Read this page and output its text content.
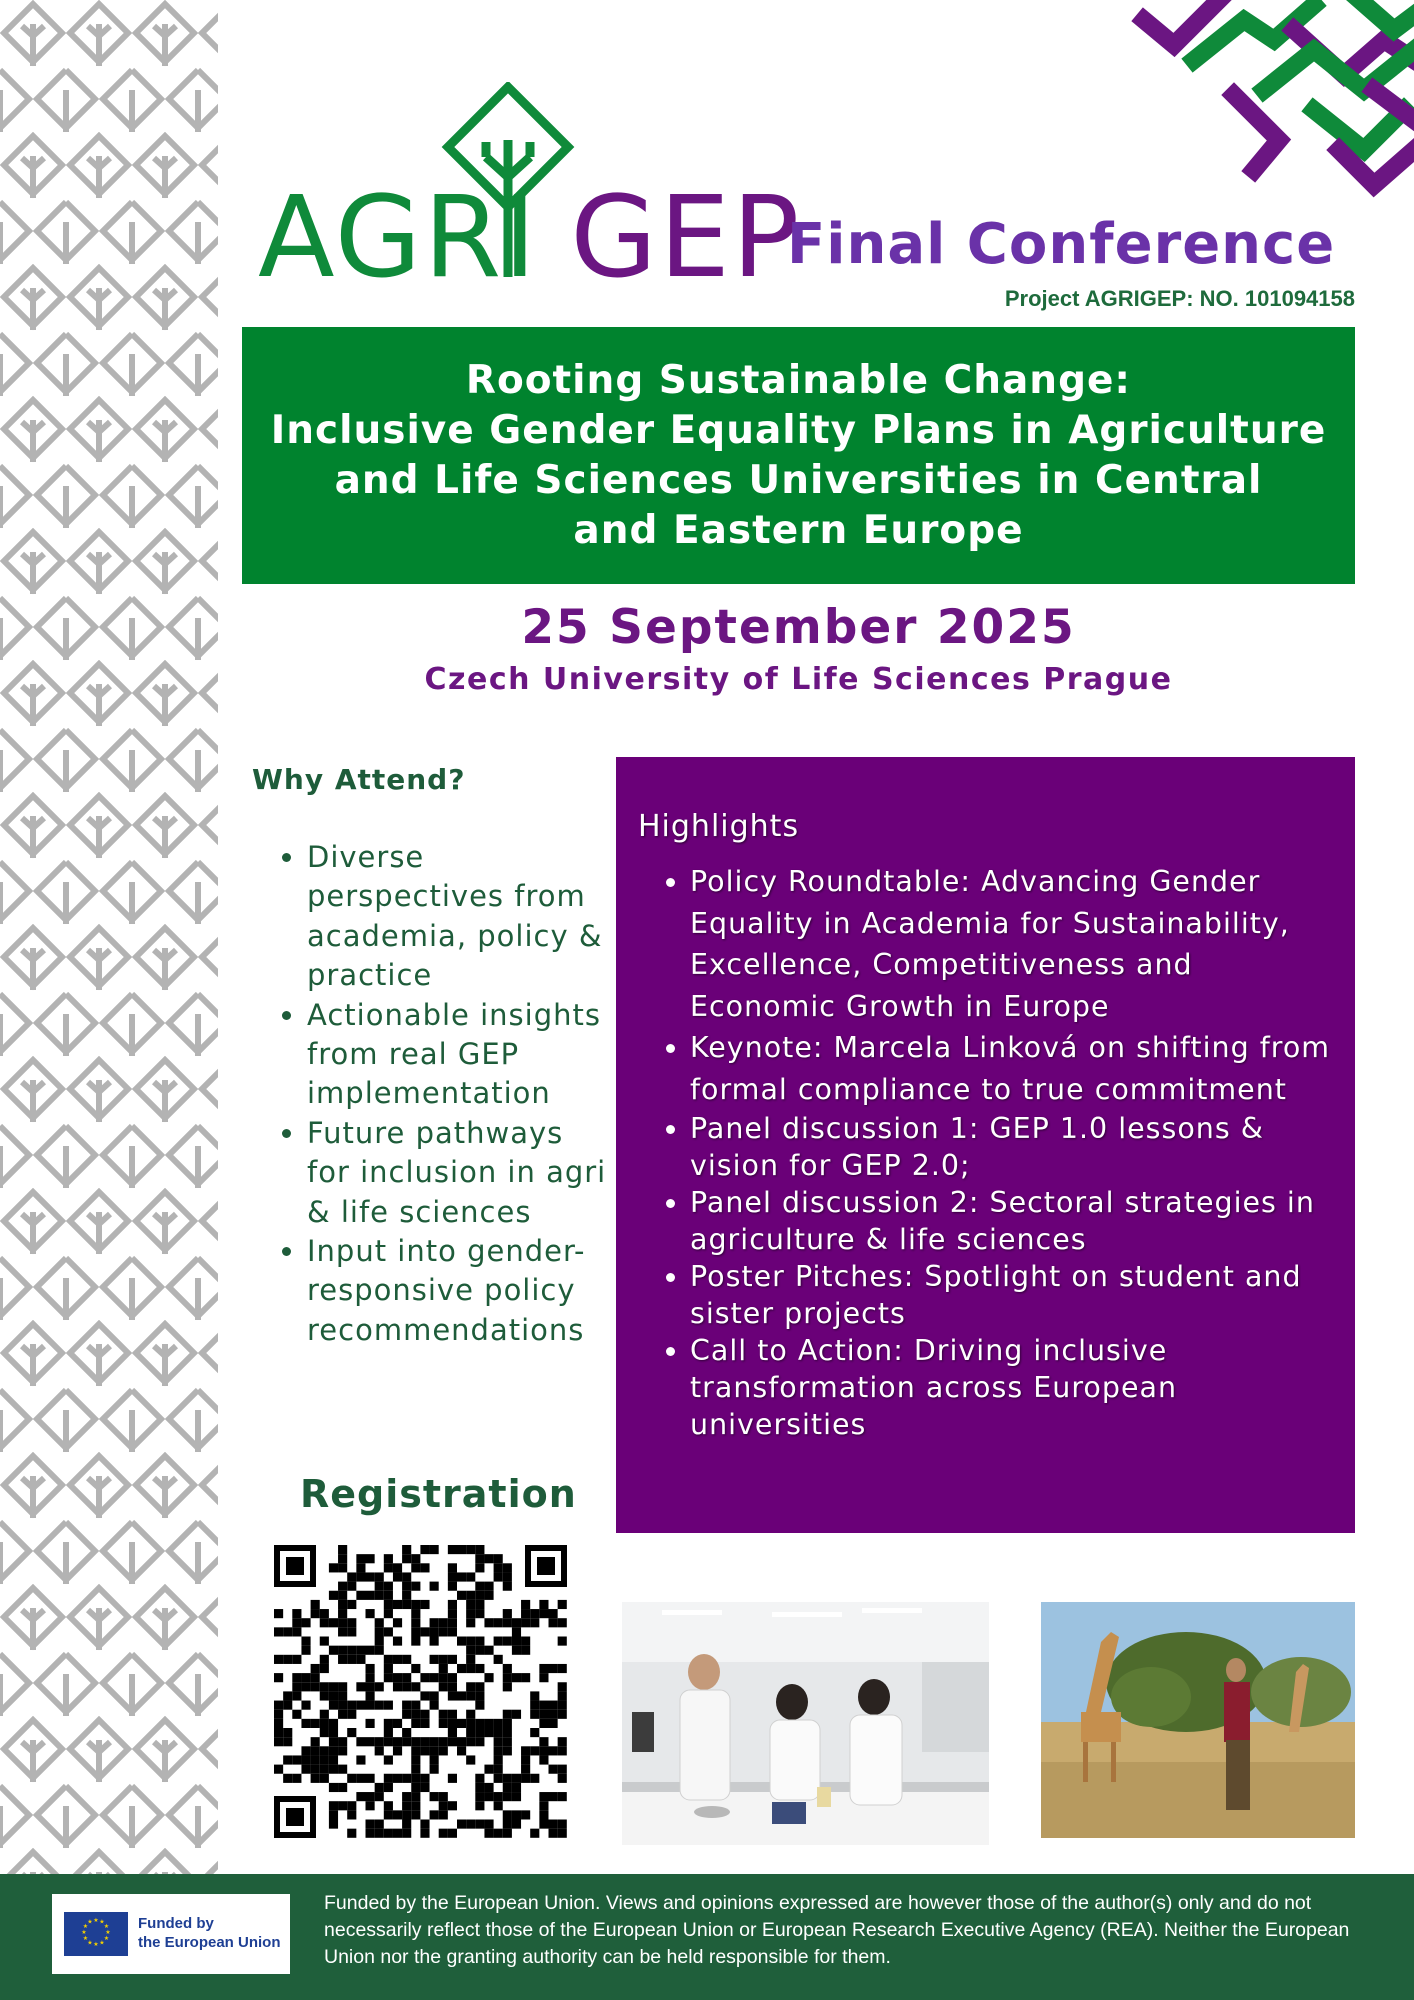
AGRI GEP
Final Conference
Project AGRIGEP: NO. 101094158

Rooting Sustainable Change:
Inclusive Gender Equality Plans in Agriculture
and Life Sciences Universities in Central
and Eastern Europe

25 September 2025
Czech University of Life Sciences Prague
Why Attend?
• Diverse perspectives from academia, policy & practice
• Actionable insights from real GEP implementation
• Future pathways for inclusion in agri & life sciences
• Input into gender-responsive policy recommendations
Highlights
• Policy Roundtable: Advancing Gender Equality in Academia for Sustainability, Excellence, Competitiveness and Economic Growth in Europe
• Keynote: Marcela Linková on shifting from formal compliance to true commitment
• Panel discussion 1: GEP 1.0 lessons & vision for GEP 2.0;
• Panel discussion 2: Sectoral strategies in agriculture & life sciences
• Poster Pitches: Spotlight on student and sister projects
• Call to Action: Driving inclusive transformation across European universities
Registration
★ ★
★
★
★
★
★
★
★
★
★
★	Funded by
the European Union

Funded by the European Union. Views and opinions expressed are however those of the author(s) only and do not necessarily reflect those of the European Union or European Research Executive Agency (REA). Neither the European Union nor the granting authority can be held responsible for them.
